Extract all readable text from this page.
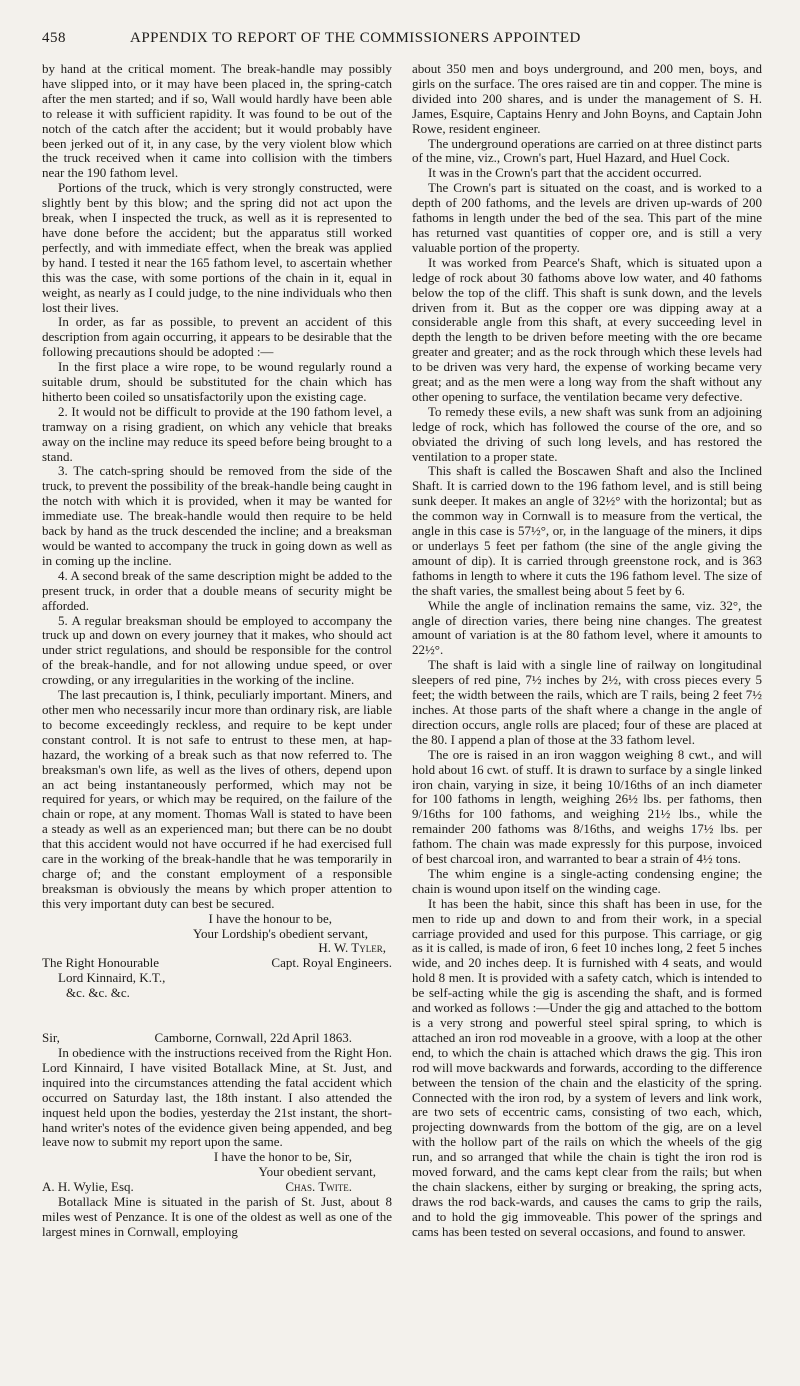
458	APPENDIX TO REPORT OF THE COMMISSIONERS APPOINTED

by hand at the critical moment. The break-handle may possibly have slipped into, or it may have been placed in, the spring-catch after the men started; and if so, Wall would hardly have been able to release it with sufficient rapidity. It was found to be out of the notch of the catch after the accident; but it would probably have been jerked out of it, in any case, by the very violent blow which the truck received when it came into collision with the timbers near the 190 fathom level.

Portions of the truck, which is very strongly constructed, were slightly bent by this blow; and the spring did not act upon the break, when I inspected the truck, as well as it is represented to have done before the accident; but the apparatus still worked perfectly, and with immediate effect, when the break was applied by hand. I tested it near the 165 fathom level, to ascertain whether this was the case, with some portions of the chain in it, equal in weight, as nearly as I could judge, to the nine individuals who then lost their lives.

In order, as far as possible, to prevent an accident of this description from again occurring, it appears to be desirable that the following precautions should be adopted :—

In the first place a wire rope, to be wound regularly round a suitable drum, should be substituted for the chain which has hitherto been coiled so unsatisfactorily upon the existing cage.

2. It would not be difficult to provide at the 190 fathom level, a tramway on a rising gradient, on which any vehicle that breaks away on the incline may reduce its speed before being brought to a stand.

3. The catch-spring should be removed from the side of the truck, to prevent the possibility of the break-handle being caught in the notch with which it is provided, when it may be wanted for immediate use. The break-handle would then require to be held back by hand as the truck descended the incline; and a breaksman would be wanted to accompany the truck in going down as well as in coming up the incline.

4. A second break of the same description might be added to the present truck, in order that a double means of security might be afforded.

5. A regular breaksman should be employed to accompany the truck up and down on every journey that it makes, who should act under strict regulations, and should be responsible for the control of the break-handle, and for not allowing undue speed, or over crowding, or any irregularities in the working of the incline.

The last precaution is, I think, peculiarly important. Miners, and other men who necessarily incur more than ordinary risk, are liable to become exceedingly reckless, and require to be kept under constant control. It is not safe to entrust to these men, at hap-hazard, the working of a break such as that now referred to. The breaksman's own life, as well as the lives of others, depend upon an act being instantaneously performed, which may not be required for years, or which may be required, on the failure of the chain or rope, at any moment. Thomas Wall is stated to have been a steady as well as an experienced man; but there can be no doubt that this accident would not have occurred if he had exercised full care in the working of the break-handle that he was temporarily in charge of; and the constant employment of a responsible breaksman is obviously the means by which proper attention to this very important duty can best be secured.

I have the honour to be,

Your Lordship's obedient servant,

H. W. Tyler,

The Right Honourable	Capt. Royal Engineers.

Lord Kinnaird, K.T.,

&c. &c. &c.

Sir,	Camborne, Cornwall, 22d April 1863.

In obedience with the instructions received from the Right Hon. Lord Kinnaird, I have visited Botallack Mine, at St. Just, and inquired into the circumstances attending the fatal accident which occurred on Saturday last, the 18th instant. I also attended the inquest held upon the bodies, yesterday the 21st instant, the short-hand writer's notes of the evidence given being appended, and beg leave now to submit my report upon the same.

I have the honor to be, Sir,

Your obedient servant,

A. H. Wylie, Esq.	Chas. Twite.

Botallack Mine is situated in the parish of St. Just, about 8 miles west of Penzance. It is one of the oldest as well as one of the largest mines in Cornwall, employing

about 350 men and boys underground, and 200 men, boys, and girls on the surface. The ores raised are tin and copper. The mine is divided into 200 shares, and is under the management of S. H. James, Esquire, Captains Henry and John Boyns, and Captain John Rowe, resident engineer.

The underground operations are carried on at three distinct parts of the mine, viz., Crown's part, Huel Hazard, and Huel Cock.

It was in the Crown's part that the accident occurred.

The Crown's part is situated on the coast, and is worked to a depth of 200 fathoms, and the levels are driven up-wards of 200 fathoms in length under the bed of the sea. This part of the mine has returned vast quantities of copper ore, and is still a very valuable portion of the property.

It was worked from Pearce's Shaft, which is situated upon a ledge of rock about 30 fathoms above low water, and 40 fathoms below the top of the cliff. This shaft is sunk down, and the levels driven from it. But as the copper ore was dipping away at a considerable angle from this shaft, at every succeeding level in depth the length to be driven before meeting with the ore became greater and greater; and as the rock through which these levels had to be driven was very hard, the expense of working became very great; and as the men were a long way from the shaft without any other opening to surface, the ventilation became very defective.

To remedy these evils, a new shaft was sunk from an adjoining ledge of rock, which has followed the course of the ore, and so obviated the driving of such long levels, and has restored the ventilation to a proper state.

This shaft is called the Boscawen Shaft and also the Inclined Shaft. It is carried down to the 196 fathom level, and is still being sunk deeper. It makes an angle of 32½° with the horizontal; but as the common way in Cornwall is to measure from the vertical, the angle in this case is 57½°, or, in the language of the miners, it dips or underlays 5 feet per fathom (the sine of the angle giving the amount of dip). It is carried through greenstone rock, and is 363 fathoms in length to where it cuts the 196 fathom level. The size of the shaft varies, the smallest being about 5 feet by 6.

While the angle of inclination remains the same, viz. 32°, the angle of direction varies, there being nine changes. The greatest amount of variation is at the 80 fathom level, where it amounts to 22½°.

The shaft is laid with a single line of railway on longitudinal sleepers of red pine, 7½ inches by 2½, with cross pieces every 5 feet; the width between the rails, which are T rails, being 2 feet 7½ inches. At those parts of the shaft where a change in the angle of direction occurs, angle rolls are placed; four of these are placed at the 80. I append a plan of those at the 33 fathom level.

The ore is raised in an iron waggon weighing 8 cwt., and will hold about 16 cwt. of stuff. It is drawn to surface by a single linked iron chain, varying in size, it being 10/16ths of an inch diameter for 100 fathoms in length, weighing 26½ lbs. per fathoms, then 9/16ths for 100 fathoms, and weighing 21½ lbs., while the remainder 200 fathoms was 8/16ths, and weighs 17½ lbs. per fathom. The chain was made expressly for this purpose, invoiced of best charcoal iron, and warranted to bear a strain of 4½ tons.

The whim engine is a single-acting condensing engine; the chain is wound upon itself on the winding cage.

It has been the habit, since this shaft has been in use, for the men to ride up and down to and from their work, in a special carriage provided and used for this purpose. This carriage, or gig as it is called, is made of iron, 6 feet 10 inches long, 2 feet 5 inches wide, and 20 inches deep. It is furnished with 4 seats, and would hold 8 men. It is provided with a safety catch, which is intended to be self-acting while the gig is ascending the shaft, and is formed and worked as follows :—Under the gig and attached to the bottom is a very strong and powerful steel spiral spring, to which is attached an iron rod moveable in a groove, with a loop at the other end, to which the chain is attached which draws the gig. This iron rod will move backwards and forwards, according to the difference between the tension of the chain and the elasticity of the spring. Connected with the iron rod, by a system of levers and link work, are two sets of eccentric cams, consisting of two each, which, projecting downwards from the bottom of the gig, are on a level with the hollow part of the rails on which the wheels of the gig run, and so arranged that while the chain is tight the iron rod is moved forward, and the cams kept clear from the rails; but when the chain slackens, either by surging or breaking, the spring acts, draws the rod back-wards, and causes the cams to grip the rails, and to hold the gig immoveable. This power of the springs and cams has been tested on several occasions, and found to answer.
